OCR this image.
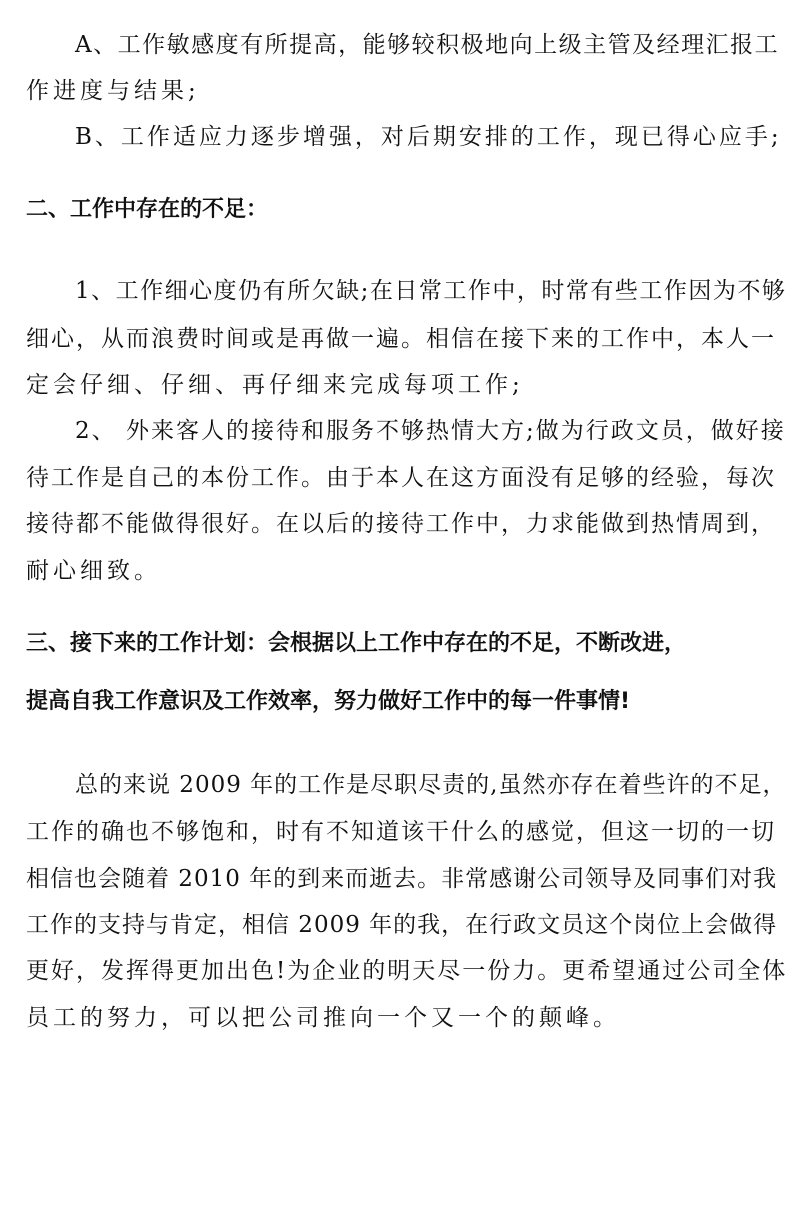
A、工作敏感度有所提高，能够较积极地向上级主管及经理汇报工
作进度与结果;
B、工作适应力逐步增强，对后期安排的工作，现已得心应手;
二、工作中存在的不足：
1、工作细心度仍有所欠缺;在日常工作中，时常有些工作因为不够
细心，从而浪费时间或是再做一遍。相信在接下来的工作中，本人一
定会仔细、仔细、再仔细来完成每项工作;
2、 外来客人的接待和服务不够热情大方;做为行政文员，做好接
待工作是自己的本份工作。由于本人在这方面没有足够的经验，每次
接待都不能做得很好。在以后的接待工作中，力求能做到热情周到，
耐心细致。
三、接下来的工作计划：会根据以上工作中存在的不足，不断改进，
提高自我工作意识及工作效率，努力做好工作中的每一件事情!
总的来说 2009 年的工作是尽职尽责的,虽然亦存在着些许的不足，
工作的确也不够饱和，时有不知道该干什么的感觉，但这一切的一切
相信也会随着 2010 年的到来而逝去。非常感谢公司领导及同事们对我
工作的支持与肯定，相信 2009 年的我，在行政文员这个岗位上会做得
更好，发挥得更加出色!为企业的明天尽一份力。更希望通过公司全体
员工的努力，可以把公司推向一个又一个的颠峰。
